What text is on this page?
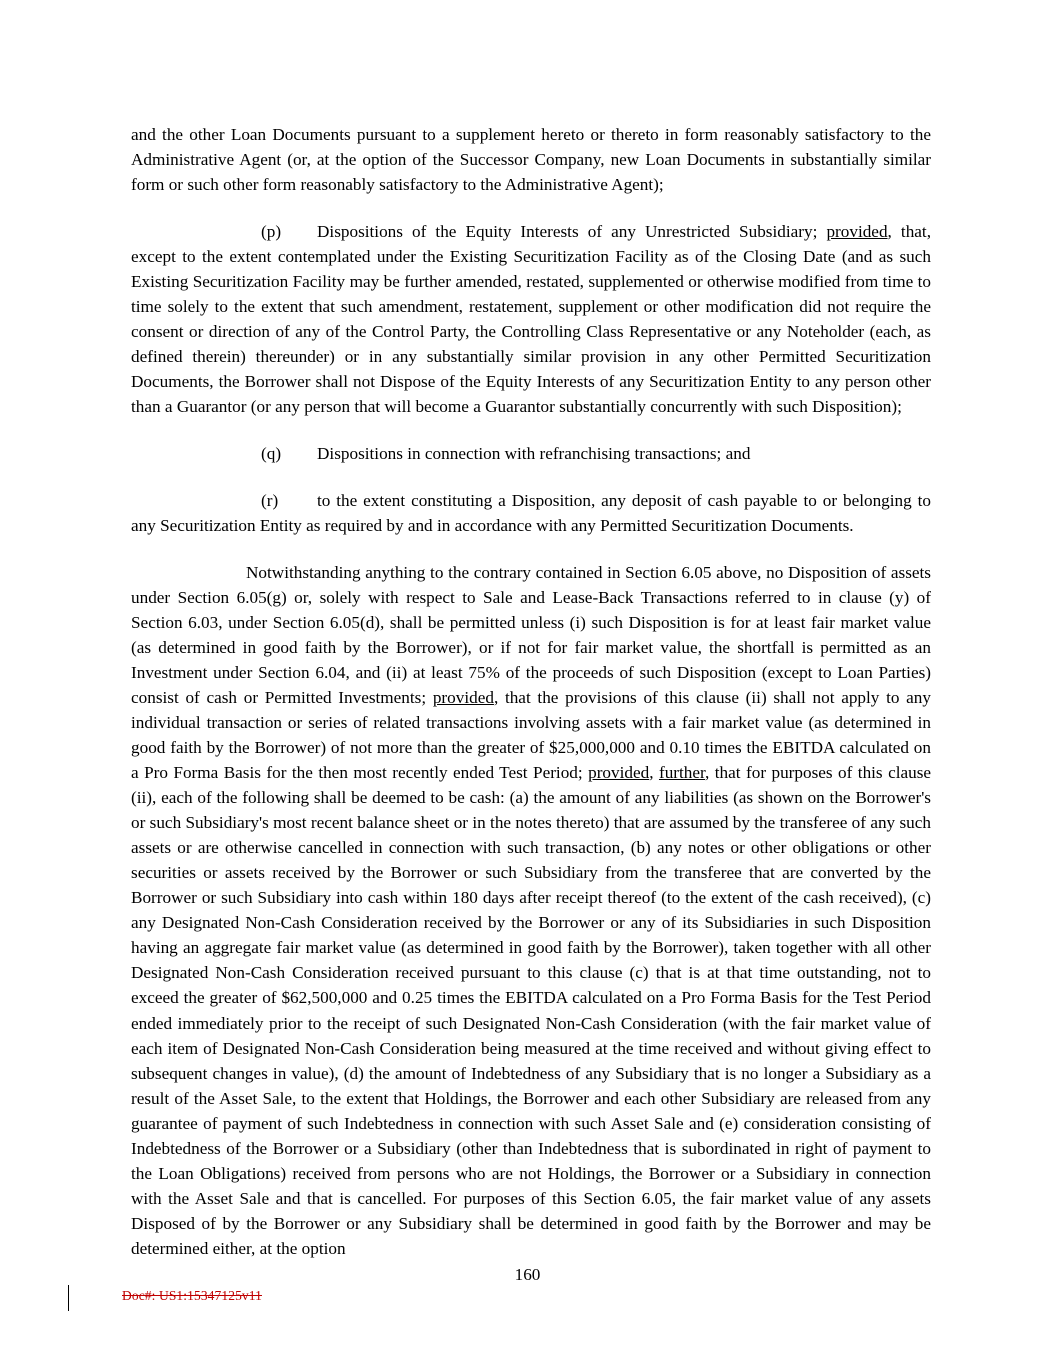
and the other Loan Documents pursuant to a supplement hereto or thereto in form reasonably satisfactory to the Administrative Agent (or, at the option of the Successor Company, new Loan Documents in substantially similar form or such other form reasonably satisfactory to the Administrative Agent);

(p) Dispositions of the Equity Interests of any Unrestricted Subsidiary; provided, that, except to the extent contemplated under the Existing Securitization Facility as of the Closing Date (and as such Existing Securitization Facility may be further amended, restated, supplemented or otherwise modified from time to time solely to the extent that such amendment, restatement, supplement or other modification did not require the consent or direction of any of the Control Party, the Controlling Class Representative or any Noteholder (each, as defined therein) thereunder) or in any substantially similar provision in any other Permitted Securitization Documents, the Borrower shall not Dispose of the Equity Interests of any Securitization Entity to any person other than a Guarantor (or any person that will become a Guarantor substantially concurrently with such Disposition);

(q) Dispositions in connection with refranchising transactions; and

(r) to the extent constituting a Disposition, any deposit of cash payable to or belonging to any Securitization Entity as required by and in accordance with any Permitted Securitization Documents.

Notwithstanding anything to the contrary contained in Section 6.05 above, no Disposition of assets under Section 6.05(g) or, solely with respect to Sale and Lease-Back Transactions referred to in clause (y) of Section 6.03, under Section 6.05(d), shall be permitted unless (i) such Disposition is for at least fair market value (as determined in good faith by the Borrower), or if not for fair market value, the shortfall is permitted as an Investment under Section 6.04, and (ii) at least 75% of the proceeds of such Disposition (except to Loan Parties) consist of cash or Permitted Investments; provided, that the provisions of this clause (ii) shall not apply to any individual transaction or series of related transactions involving assets with a fair market value (as determined in good faith by the Borrower) of not more than the greater of $25,000,000 and 0.10 times the EBITDA calculated on a Pro Forma Basis for the then most recently ended Test Period; provided, further, that for purposes of this clause (ii), each of the following shall be deemed to be cash: (a) the amount of any liabilities (as shown on the Borrower's or such Subsidiary's most recent balance sheet or in the notes thereto) that are assumed by the transferee of any such assets or are otherwise cancelled in connection with such transaction, (b) any notes or other obligations or other securities or assets received by the Borrower or such Subsidiary from the transferee that are converted by the Borrower or such Subsidiary into cash within 180 days after receipt thereof (to the extent of the cash received), (c) any Designated Non-Cash Consideration received by the Borrower or any of its Subsidiaries in such Disposition having an aggregate fair market value (as determined in good faith by the Borrower), taken together with all other Designated Non-Cash Consideration received pursuant to this clause (c) that is at that time outstanding, not to exceed the greater of $62,500,000 and 0.25 times the EBITDA calculated on a Pro Forma Basis for the Test Period ended immediately prior to the receipt of such Designated Non-Cash Consideration (with the fair market value of each item of Designated Non-Cash Consideration being measured at the time received and without giving effect to subsequent changes in value), (d) the amount of Indebtedness of any Subsidiary that is no longer a Subsidiary as a result of the Asset Sale, to the extent that Holdings, the Borrower and each other Subsidiary are released from any guarantee of payment of such Indebtedness in connection with such Asset Sale and (e) consideration consisting of Indebtedness of the Borrower or a Subsidiary (other than Indebtedness that is subordinated in right of payment to the Loan Obligations) received from persons who are not Holdings, the Borrower or a Subsidiary in connection with the Asset Sale and that is cancelled. For purposes of this Section 6.05, the fair market value of any assets Disposed of by the Borrower or any Subsidiary shall be determined in good faith by the Borrower and may be determined either, at the option

160
Doc#: US1:15347125v11
